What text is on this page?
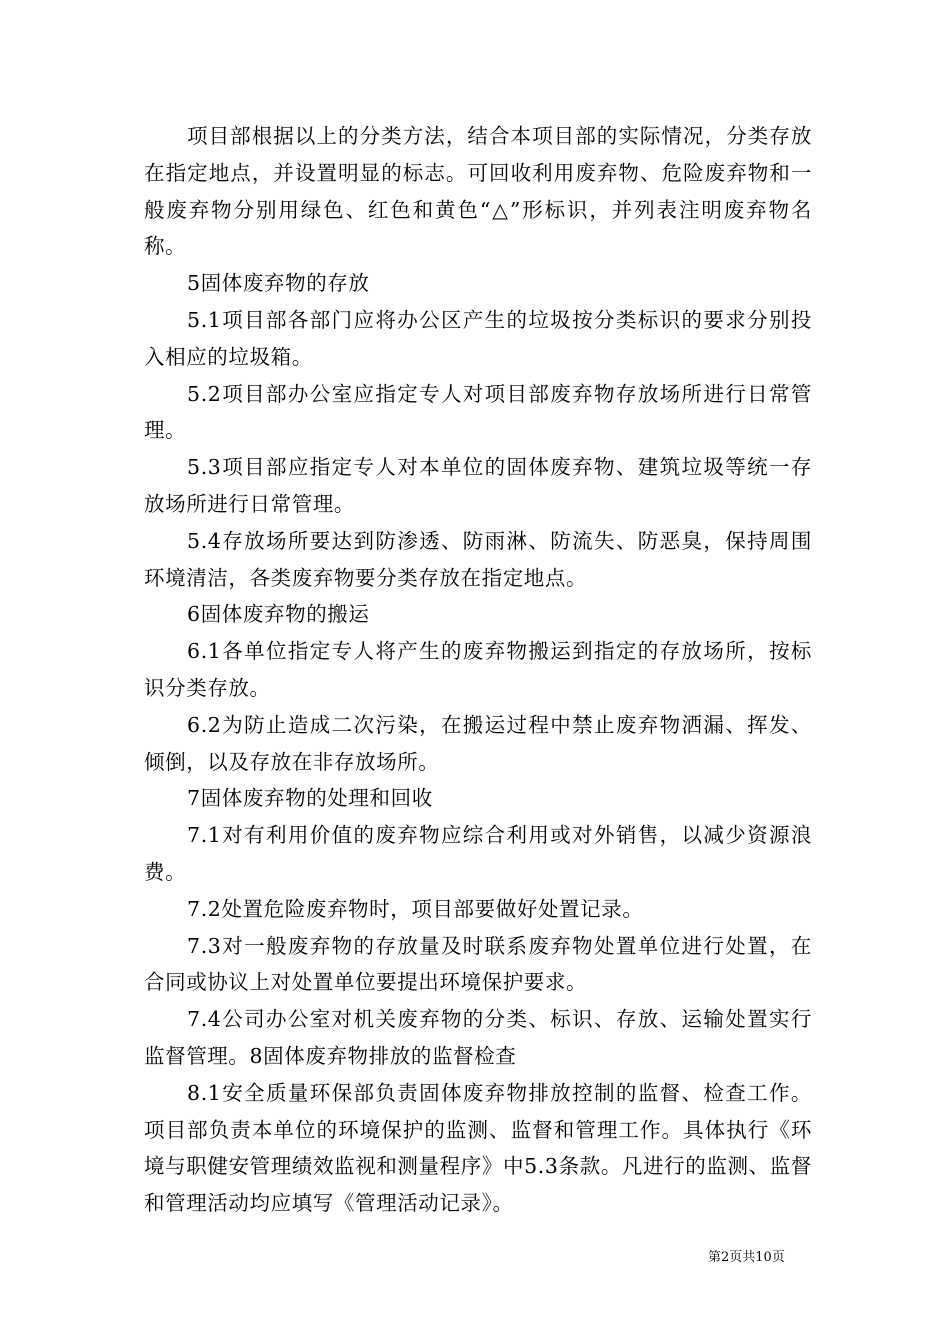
项目部根据以上的分类方法，结合本项目部的实际情况，分类存放在指定地点，并设置明显的标志。可回收利用废弃物、危险废弃物和一般废弃物分别用绿色、红色和黄色“△”形标识，并列表注明废弃物名称。

5固体废弃物的存放

5.1项目部各部门应将办公区产生的垃圾按分类标识的要求分别投入相应的垃圾箱。

5.2项目部办公室应指定专人对项目部废弃物存放场所进行日常管理。

5.3项目部应指定专人对本单位的固体废弃物、建筑垃圾等统一存放场所进行日常管理。

5.4存放场所要达到防渗透、防雨淋、防流失、防恶臭，保持周围环境清洁，各类废弃物要分类存放在指定地点。

6固体废弃物的搬运

6.1各单位指定专人将产生的废弃物搬运到指定的存放场所，按标识分类存放。

6.2为防止造成二次污染，在搬运过程中禁止废弃物洒漏、挥发、倾倒，以及存放在非存放场所。

7固体废弃物的处理和回收

7.1对有利用价值的废弃物应综合利用或对外销售，以减少资源浪费。

7.2处置危险废弃物时，项目部要做好处置记录。

7.3对一般废弃物的存放量及时联系废弃物处置单位进行处置，在合同或协议上对处置单位要提出环境保护要求。

7.4公司办公室对机关废弃物的分类、标识、存放、运输处置实行监督管理。8固体废弃物排放的监督检查

8.1安全质量环保部负责固体废弃物排放控制的监督、检查工作。项目部负责本单位的环境保护的监测、监督和管理工作。具体执行《环境与职健安管理绩效监视和测量程序》中5.3条款。凡进行的监测、监督和管理活动均应填写《管理活动记录》。

第2页共10页
